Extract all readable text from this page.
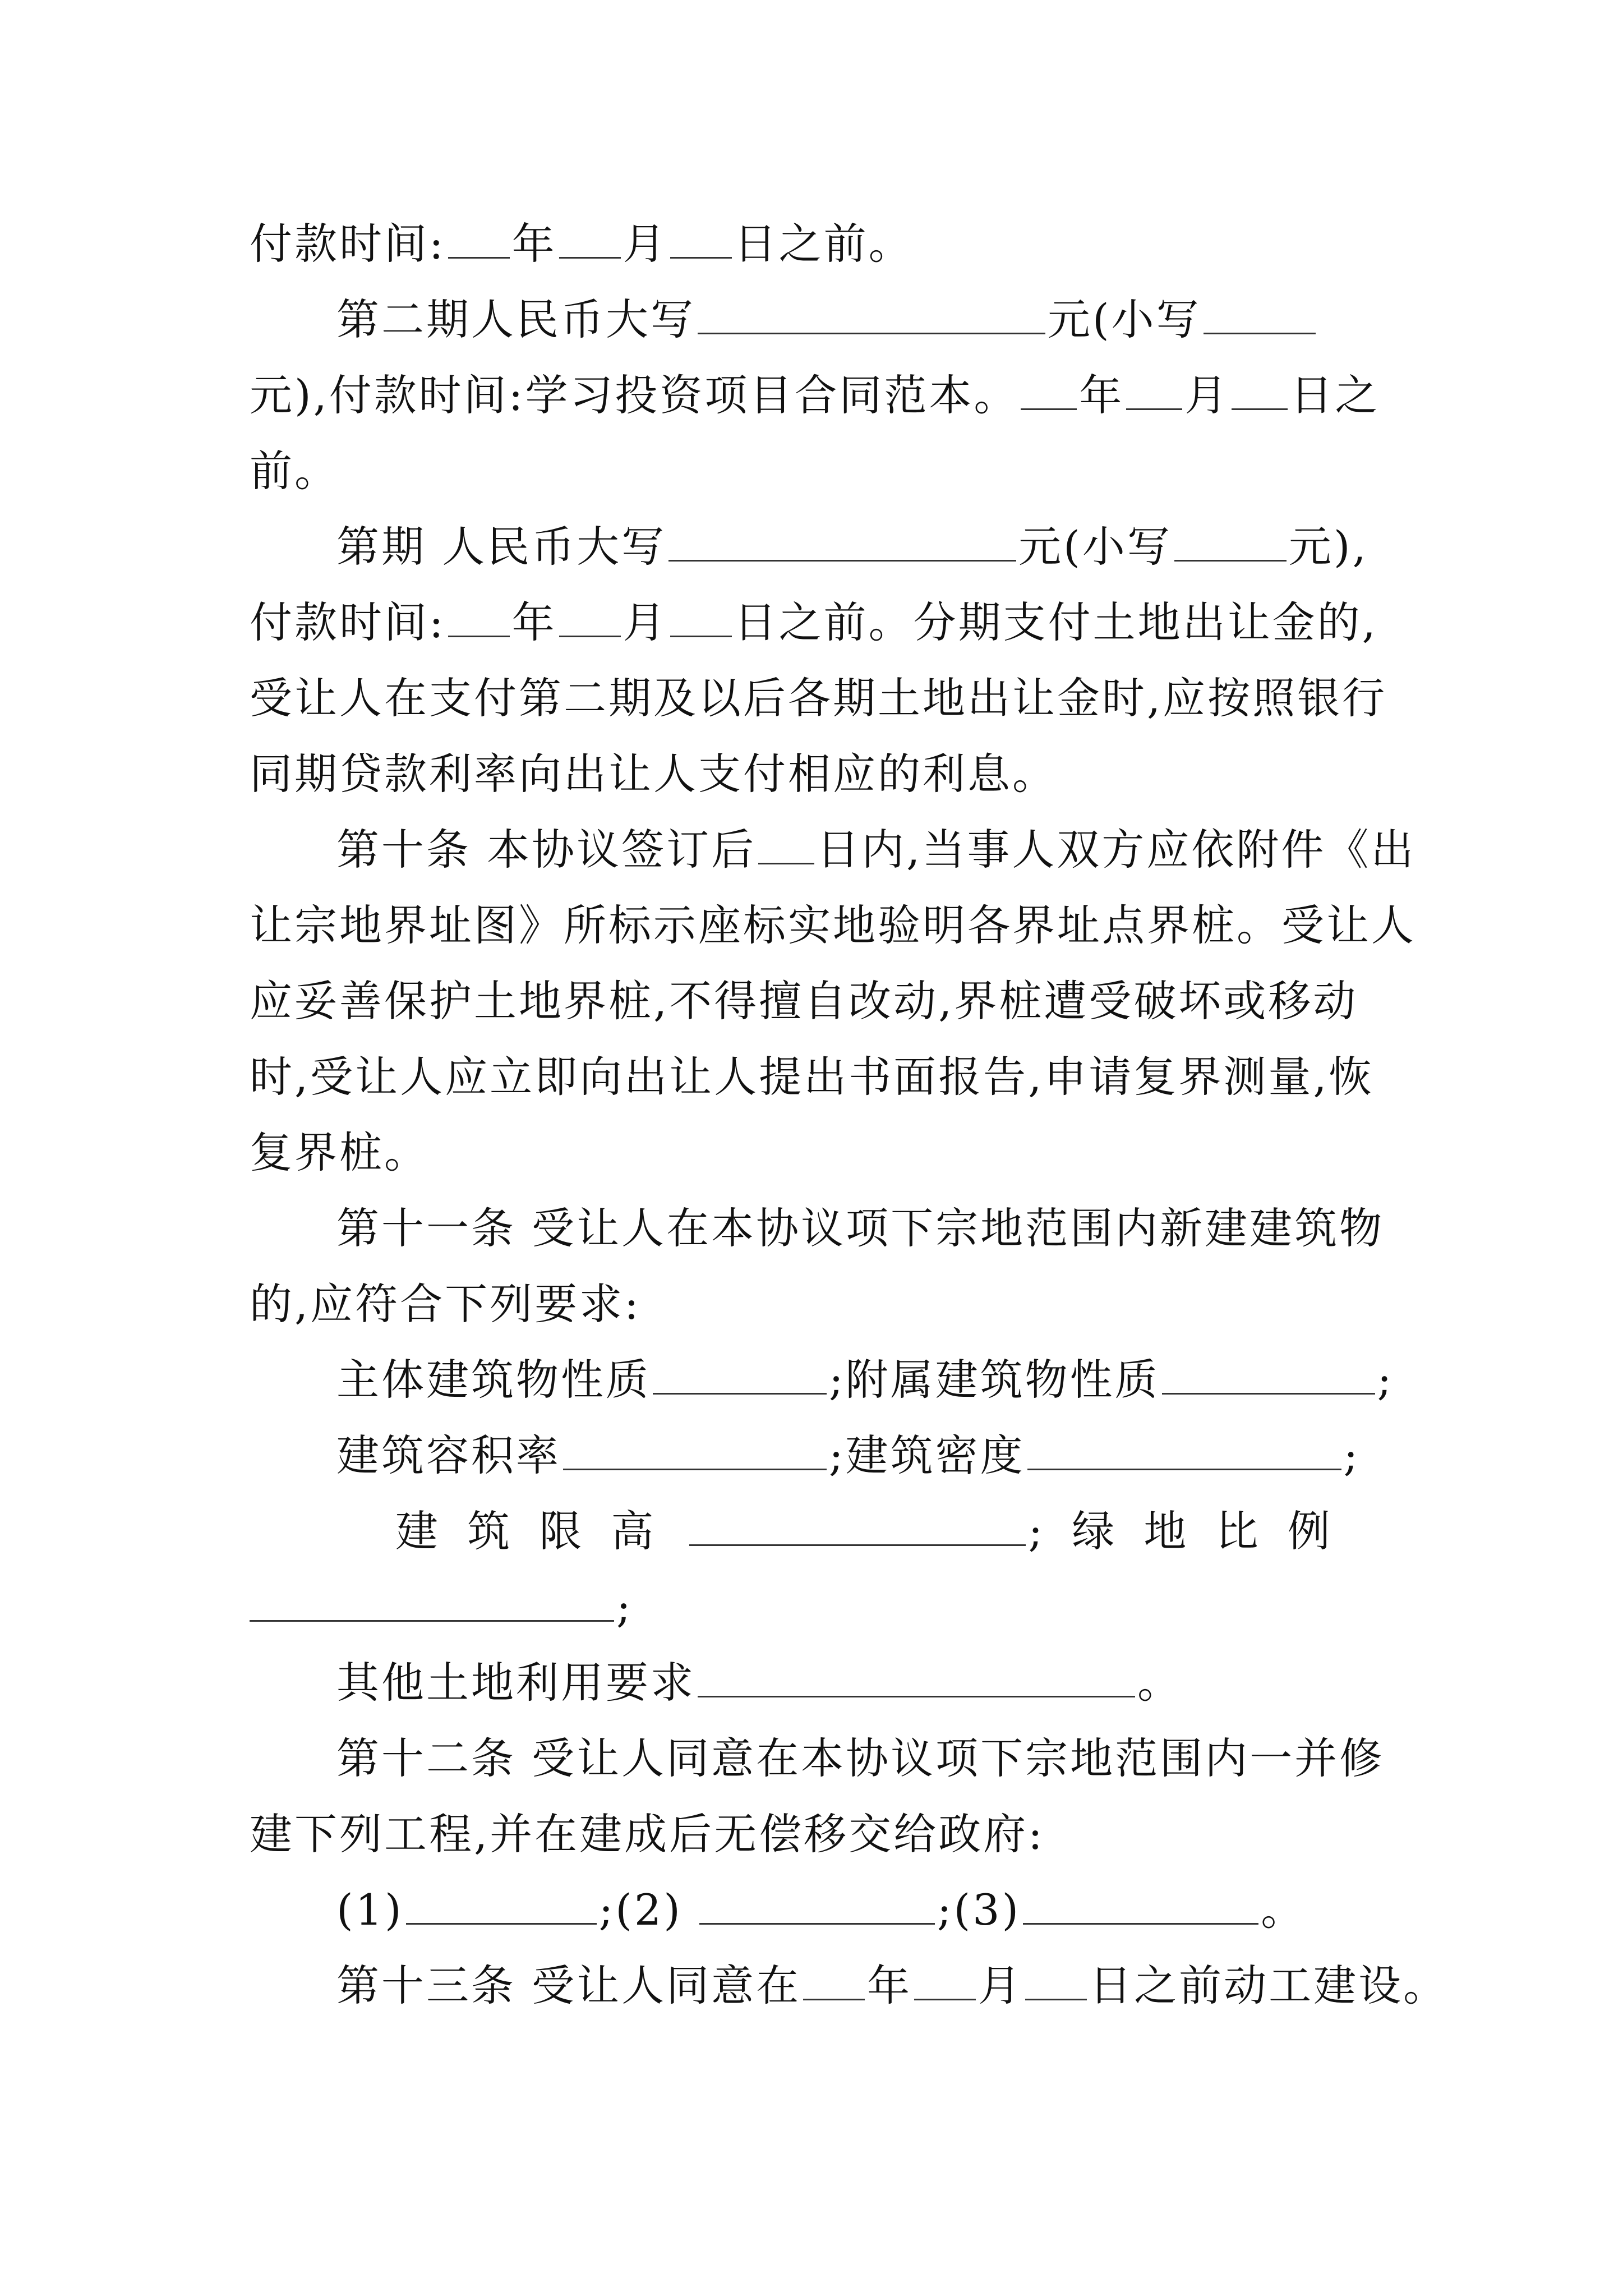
付款时间: 年 月 日之前。
第二期人民币大写	元(小写
元),付款时间:学习投资项目合同范本。 年 月 日之
前。
第期 人民币大写	元(小写	元),
付款时间: 年 月 日之前。分期支付土地出让金的,
受让人在支付第二期及以后各期土地出让金时,应按照银行
同期贷款利率向出让人支付相应的利息。
第十条 本协议签订后 日内,当事人双方应依附件《出
让宗地界址图》所标示座标实地验明各界址点界桩。受让人
应妥善保护土地界桩,不得擅自改动,界桩遭受破坏或移动
时,受让人应立即向出让人提出书面报告,申请复界测量,恢
复界桩。
第十一条 受让人在本协议项下宗地范围内新建建筑物
的,应符合下列要求:
主体建筑物性质	;附属建筑物性质	;
建筑容积率	;建筑密度	;
建 筑 限 高	; 绿 地 比 例
;
其他土地利用要求	。
第十二条 受让人同意在本协议项下宗地范围内一并修
建下列工程,并在建成后无偿移交给政府:
(1)	;(2)	;(3)	。
第十三条 受让人同意在 年 月 日之前动工建设。
